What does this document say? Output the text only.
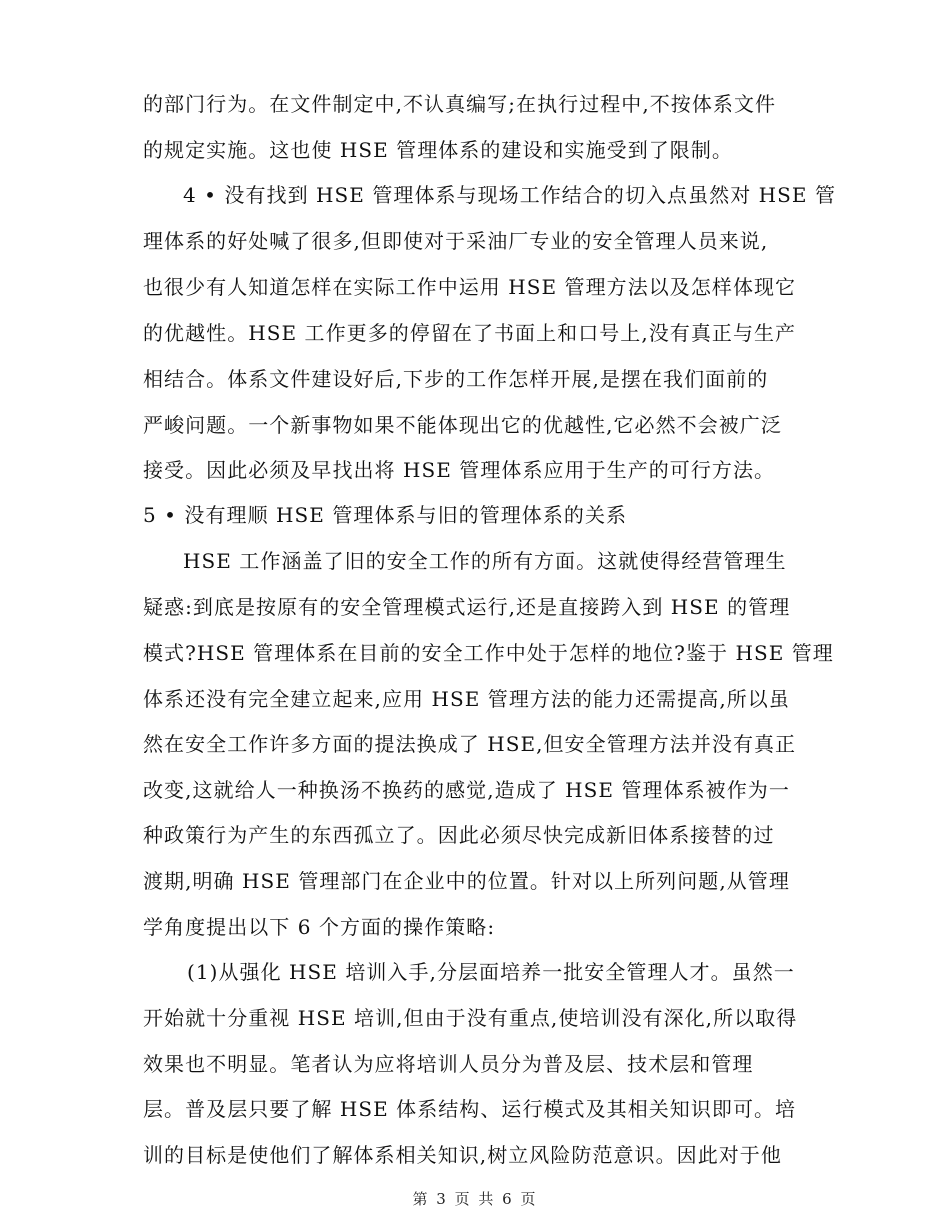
的部门行为。在文件制定中,不认真编写;在执行过程中,不按体系文件
的规定实施。这也使 HSE 管理体系的建设和实施受到了限制。
4 • 没有找到 HSE 管理体系与现场工作结合的切入点虽然对 HSE 管
理体系的好处喊了很多,但即使对于采油厂专业的安全管理人员来说,
也很少有人知道怎样在实际工作中运用 HSE 管理方法以及怎样体现它
的优越性。HSE 工作更多的停留在了书面上和口号上,没有真正与生产
相结合。体系文件建设好后,下步的工作怎样开展,是摆在我们面前的
严峻问题。一个新事物如果不能体现出它的优越性,它必然不会被广泛
接受。因此必须及早找出将 HSE 管理体系应用于生产的可行方法。
5 • 没有理顺 HSE 管理体系与旧的管理体系的关系
HSE 工作涵盖了旧的安全工作的所有方面。这就使得经营管理生
疑惑:到底是按原有的安全管理模式运行,还是直接跨入到 HSE 的管理
模式?HSE 管理体系在目前的安全工作中处于怎样的地位?鉴于 HSE 管理
体系还没有完全建立起来,应用 HSE 管理方法的能力还需提高,所以虽
然在安全工作许多方面的提法换成了 HSE,但安全管理方法并没有真正
改变,这就给人一种换汤不换药的感觉,造成了 HSE 管理体系被作为一
种政策行为产生的东西孤立了。因此必须尽快完成新旧体系接替的过
渡期,明确 HSE 管理部门在企业中的位置。针对以上所列问题,从管理
学角度提出以下 6 个方面的操作策略:
(1)从强化 HSE 培训入手,分层面培养一批安全管理人才。虽然一
开始就十分重视 HSE 培训,但由于没有重点,使培训没有深化,所以取得
效果也不明显。笔者认为应将培训人员分为普及层、技术层和管理
层。普及层只要了解 HSE 体系结构、运行模式及其相关知识即可。培
训的目标是使他们了解体系相关知识,树立风险防范意识。因此对于他
第 3 页 共 6 页
